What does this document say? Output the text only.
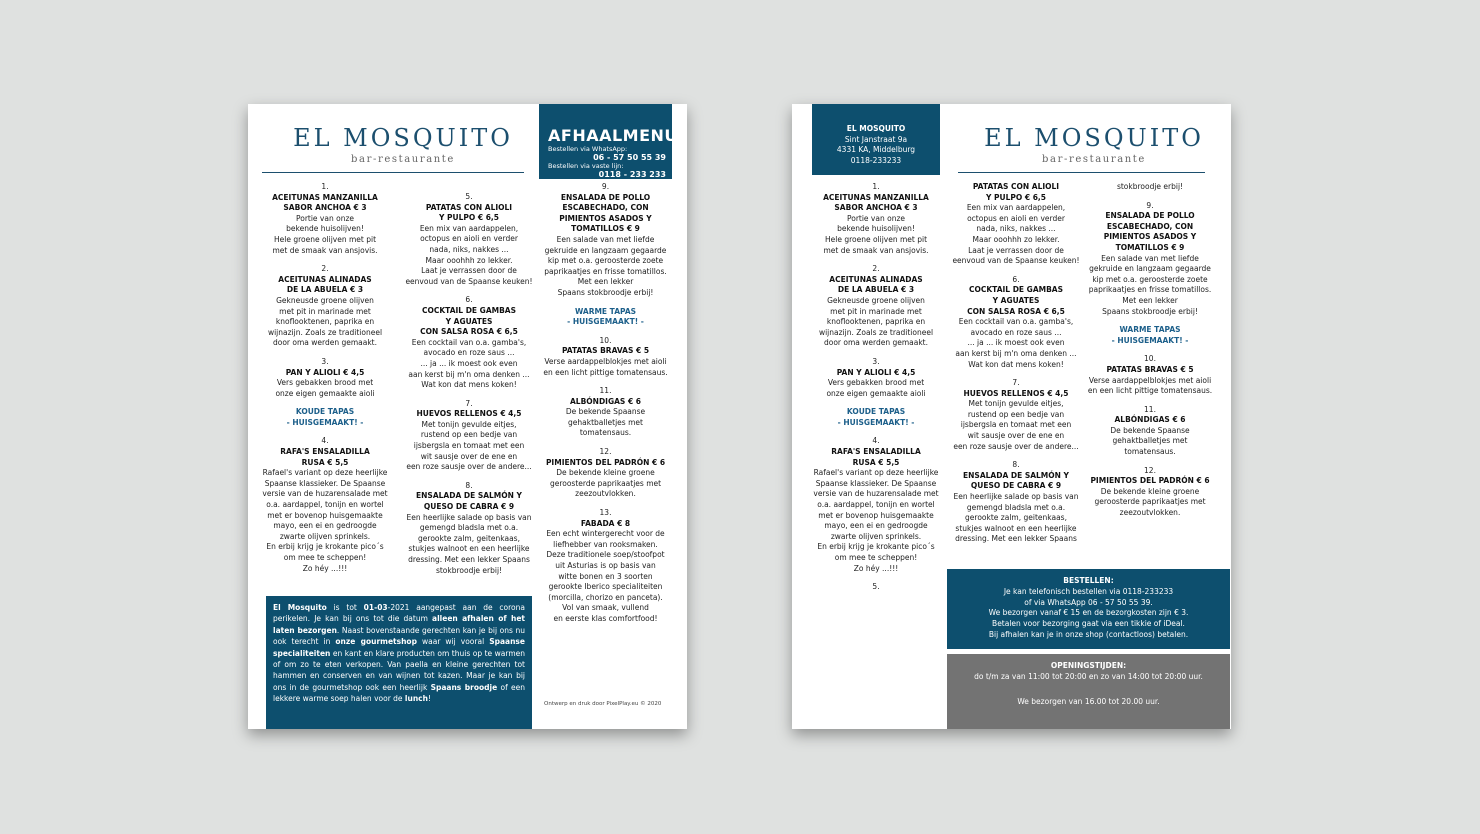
EL MOSQUITO
bar-restaurante
AFHAALMENU
Bestellen via WhatsApp:
06 - 57 50 55 39
Bestellen via vaste lijn:
0118 - 233 233
1.
ACEITUNAS MANZANILLA
SABOR ANCHOA € 3
Portie van onze
bekende huisolijven!
Hele groene olijven met pit
met de smaak van ansjovis.
2.
ACEITUNAS ALINADAS
DE LA ABUELA € 3
Gekneusde groene olijven
met pit in marinade met
knoflooktenen, paprika en
wijnazijn. Zoals ze traditioneel
door oma werden gemaakt.
3.
PAN Y ALIOLI € 4,5
Vers gebakken brood met
onze eigen gemaakte aioli
KOUDE TAPAS
- HUISGEMAAKT! -
4.
RAFA'S ENSALADILLA
RUSA € 5,5
Rafael's variant op deze heerlijke
Spaanse klassieker. De Spaanse
versie van de huzarensalade met
o.a. aardappel, tonijn en wortel
met er bovenop huisgemaakte
mayo, een ei en gedroogde
zwarte olijven sprinkels.
En erbij krijg je krokante pico´s
om mee te scheppen!
Zo héy ...!!!
5.
PATATAS CON ALIOLI
Y PULPO € 6,5
Een mix van aardappelen,
octopus en aioli en verder
nada, niks, nakkes ...
Maar ooohhh zo lekker.
Laat je verrassen door de
eenvoud van de Spaanse keuken!
6.
COCKTAIL DE GAMBAS
Y AGUATES
CON SALSA ROSA € 6,5
Een cocktail van o.a. gamba's,
avocado en roze saus ...
... ja ... ik moest ook even
aan kerst bij m'n oma denken ...
Wat kon dat mens koken!
7.
HUEVOS RELLENOS € 4,5
Met tonijn gevulde eitjes,
rustend op een bedje van
ijsbergsla en tomaat met een
wit sausje over de ene en
een roze sausje over de andere...
8.
ENSALADA DE SALMÓN Y
QUESO DE CABRA € 9
Een heerlijke salade op basis van
gemengd bladsla met o.a.
gerookte zalm, geitenkaas,
stukjes walnoot en een heerlijke
dressing. Met een lekker Spaans
stokbroodje erbij!
9.
ENSALADA DE POLLO
ESCABECHADO, CON
PIMIENTOS ASADOS Y
TOMATILLOS € 9
Een salade van met liefde
gekruide en langzaam gegaarde
kip met o.a. geroosterde zoete
paprikaatjes en frisse tomatillos.
Met een lekker
Spaans stokbroodje erbij!
WARME TAPAS
- HUISGEMAAKT! -
10.
PATATAS BRAVAS € 5
Verse aardappelblokjes met aioli
en een licht pittige tomatensaus.
11.
ALBÓNDIGAS € 6
De bekende Spaanse
gehaktballetjes met
tomatensaus.
12.
PIMIENTOS DEL PADRÓN € 6
De bekende kleine groene
geroosterde paprikaatjes met
zeezoutvlokken.
13.
FABADA € 8
Een echt wintergerecht voor de
liefhebber van rooksmaken.
Deze traditionele soep/stoofpot
uit Asturias is op basis van
witte bonen en 3 soorten
gerookte Iberico specialiteiten
(morcilla, chorizo en panceta).
Vol van smaak, vullend
en eerste klas comfortfood!
El Mosquito is tot 01-03-2021 aangepast aan de corona perikelen. Je kan bij ons tot die datum alleen afhalen of het laten bezorgen. Naast bovenstaande gerechten kan je bij ons nu ook terecht in onze gourmetshop waar wij vooral Spaanse specialiteiten en kant en klare producten om thuis op te warmen of om zo te eten verkopen. Van paella en kleine gerechten tot hammen en conserven en van wijnen tot kazen. Maar je kan bij ons in de gourmetshop ook een heerlijk Spaans broodje of een lekkere warme soep halen voor de lunch!
Ontwerp en druk door PixelPlay.eu © 2020
EL MOSQUITO
Sint Janstraat 9a
4331 KA, Middelburg
0118-233233
EL MOSQUITO
bar-restaurante
1.
ACEITUNAS MANZANILLA
SABOR ANCHOA € 3
Portie van onze
bekende huisolijven!
Hele groene olijven met pit
met de smaak van ansjovis.
2.
ACEITUNAS ALINADAS
DE LA ABUELA € 3
Gekneusde groene olijven
met pit in marinade met
knoflooktenen, paprika en
wijnazijn. Zoals ze traditioneel
door oma werden gemaakt.
3.
PAN Y ALIOLI € 4,5
Vers gebakken brood met
onze eigen gemaakte aioli
KOUDE TAPAS
- HUISGEMAAKT! -
4.
RAFA'S ENSALADILLA
RUSA € 5,5
Rafael's variant op deze heerlijke
Spaanse klassieker. De Spaanse
versie van de huzarensalade met
o.a. aardappel, tonijn en wortel
met er bovenop huisgemaakte
mayo, een ei en gedroogde
zwarte olijven sprinkels.
En erbij krijg je krokante pico´s
om mee te scheppen!
Zo héy ...!!!
5.
PATATAS CON ALIOLI
Y PULPO € 6,5
Een mix van aardappelen,
octopus en aioli en verder
nada, niks, nakkes ...
Maar ooohhh zo lekker.
Laat je verrassen door de
eenvoud van de Spaanse keuken!
6.
COCKTAIL DE GAMBAS
Y AGUATES
CON SALSA ROSA € 6,5
Een cocktail van o.a. gamba's,
avocado en roze saus ...
... ja ... ik moest ook even
aan kerst bij m'n oma denken ...
Wat kon dat mens koken!
7.
HUEVOS RELLENOS € 4,5
Met tonijn gevulde eitjes,
rustend op een bedje van
ijsbergsla en tomaat met een
wit sausje over de ene en
een roze sausje over de andere...
8.
ENSALADA DE SALMÓN Y
QUESO DE CABRA € 9
Een heerlijke salade op basis van
gemengd bladsla met o.a.
gerookte zalm, geitenkaas,
stukjes walnoot en een heerlijke
dressing. Met een lekker Spaans
stokbroodje erbij!
9.
ENSALADA DE POLLO
ESCABECHADO, CON
PIMIENTOS ASADOS Y
TOMATILLOS € 9
Een salade van met liefde
gekruide en langzaam gegaarde
kip met o.a. geroosterde zoete
paprikaatjes en frisse tomatillos.
Met een lekker
Spaans stokbroodje erbij!
WARME TAPAS
- HUISGEMAAKT! -
10.
PATATAS BRAVAS € 5
Verse aardappelblokjes met aioli
en een licht pittige tomatensaus.
11.
ALBÓNDIGAS € 6
De bekende Spaanse
gehaktballetjes met
tomatensaus.
12.
PIMIENTOS DEL PADRÓN € 6
De bekende kleine groene
geroosterde paprikaatjes met
zeezoutvlokken.
BESTELLEN:
Je kan telefonisch bestellen via 0118-233233
of via WhatsApp 06 - 57 50 55 39.
We bezorgen vanaf € 15 en de bezorgkosten zijn € 3.
Betalen voor bezorging gaat via een tikkie of iDeal.
Bij afhalen kan je in onze shop (contactloos) betalen.
OPENINGSTIJDEN:
do t/m za van 11:00 tot 20:00 en zo van 14:00 tot 20:00 uur.
We bezorgen van 16.00 tot 20.00 uur.
